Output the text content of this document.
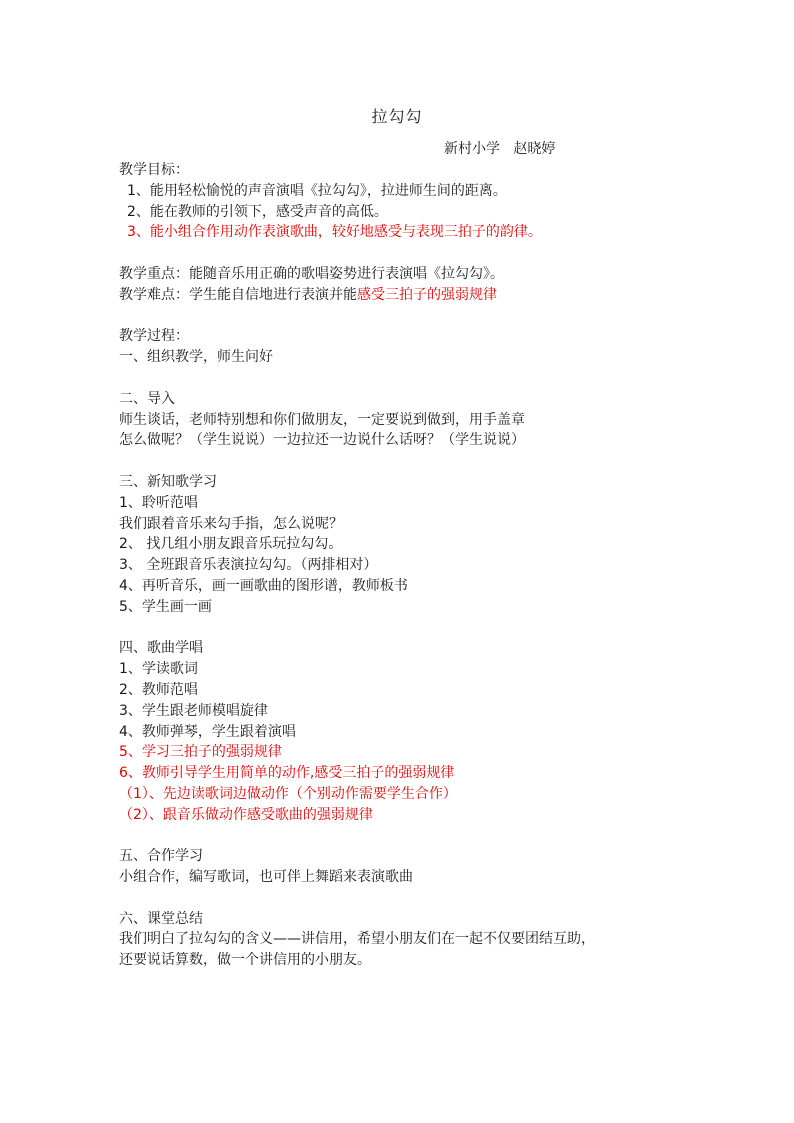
拉勾勾
新村小学   赵晓婷
教学目标：
1、能用轻松愉悦的声音演唱《拉勾勾》，拉进师生间的距离。
2、能在教师的引领下，感受声音的高低。
3、能小组合作用动作表演歌曲，较好地感受与表现三拍子的韵律。
教学重点：能随音乐用正确的歌唱姿势进行表演唱《拉勾勾》。
教学难点：学生能自信地进行表演并能感受三拍子的强弱规律
教学过程：
一、组织教学，师生问好
二、导入
师生谈话，老师特别想和你们做朋友，一定要说到做到，用手盖章
怎么做呢？（学生说说）一边拉还一边说什么话呀？（学生说说）
三、新知歌学习
1、聆听范唱
我们跟着音乐来勾手指，怎么说呢？
2、 找几组小朋友跟音乐玩拉勾勾。
3、 全班跟音乐表演拉勾勾。（两排相对）
4、再听音乐，画一画歌曲的图形谱，教师板书
5、学生画一画
四、歌曲学唱
1、学读歌词
2、教师范唱
3、学生跟老师模唱旋律
4、教师弹琴，学生跟着演唱
5、学习三拍子的强弱规律
6、教师引导学生用简单的动作,感受三拍子的强弱规律
（1）、先边读歌词边做动作（个别动作需要学生合作）
（2）、跟音乐做动作感受歌曲的强弱规律
五、合作学习
小组合作，编写歌词，也可伴上舞蹈来表演歌曲
六、课堂总结
我们明白了拉勾勾的含义——讲信用，希望小朋友们在一起不仅要团结互助，
还要说话算数，做一个讲信用的小朋友。
